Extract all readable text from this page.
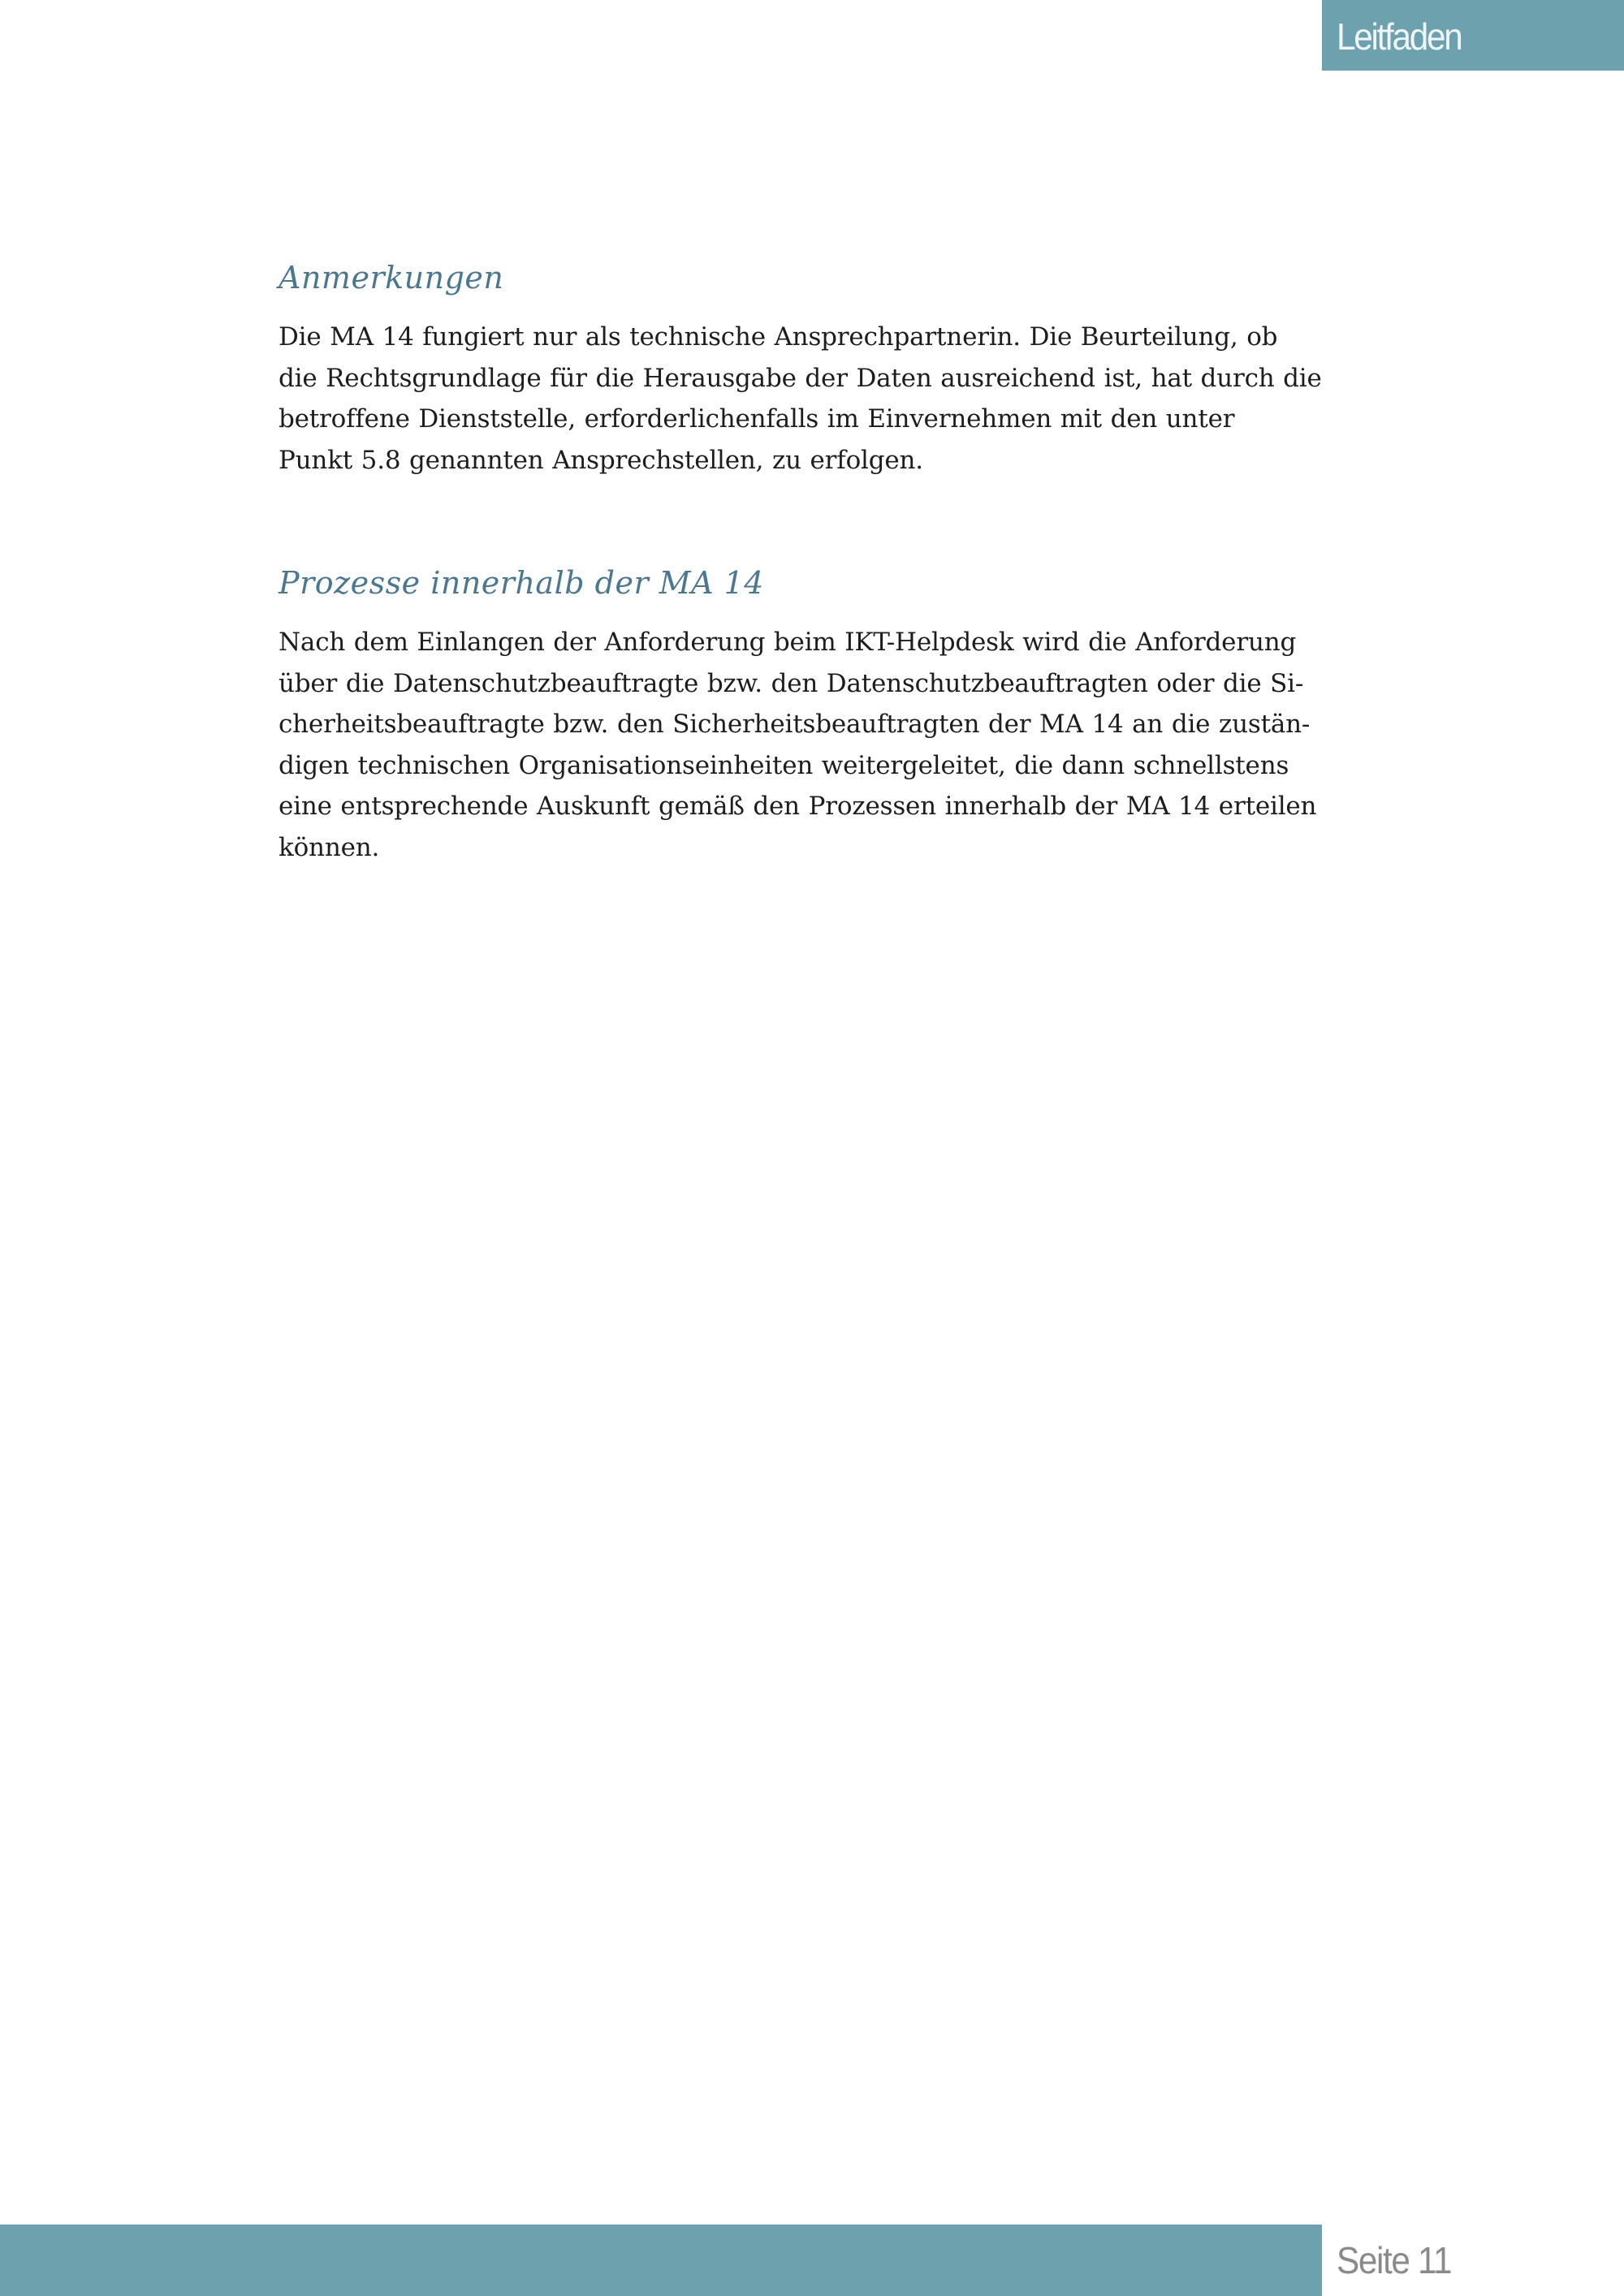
Leitfaden
Anmerkungen

Die MA 14 fungiert nur als technische Ansprechpartnerin. Die Beurteilung, ob
die Rechtsgrundlage für die Herausgabe der Daten ausreichend ist, hat durch die
betroffene Dienststelle, erforderlichenfalls im Einvernehmen mit den unter
Punkt 5.8 genannten Ansprechstellen, zu erfolgen.

Prozesse innerhalb der MA 14

Nach dem Einlangen der Anforderung beim IKT-Helpdesk wird die Anforderung
über die Datenschutzbeauftragte bzw. den Datenschutzbeauftragten oder die Si-
cherheitsbeauftragte bzw. den Sicherheitsbeauftragten der MA 14 an die zustän-
digen technischen Organisationseinheiten weitergeleitet, die dann schnellstens
eine entsprechende Auskunft gemäß den Prozessen innerhalb der MA 14 erteilen
können.

Seite 11
